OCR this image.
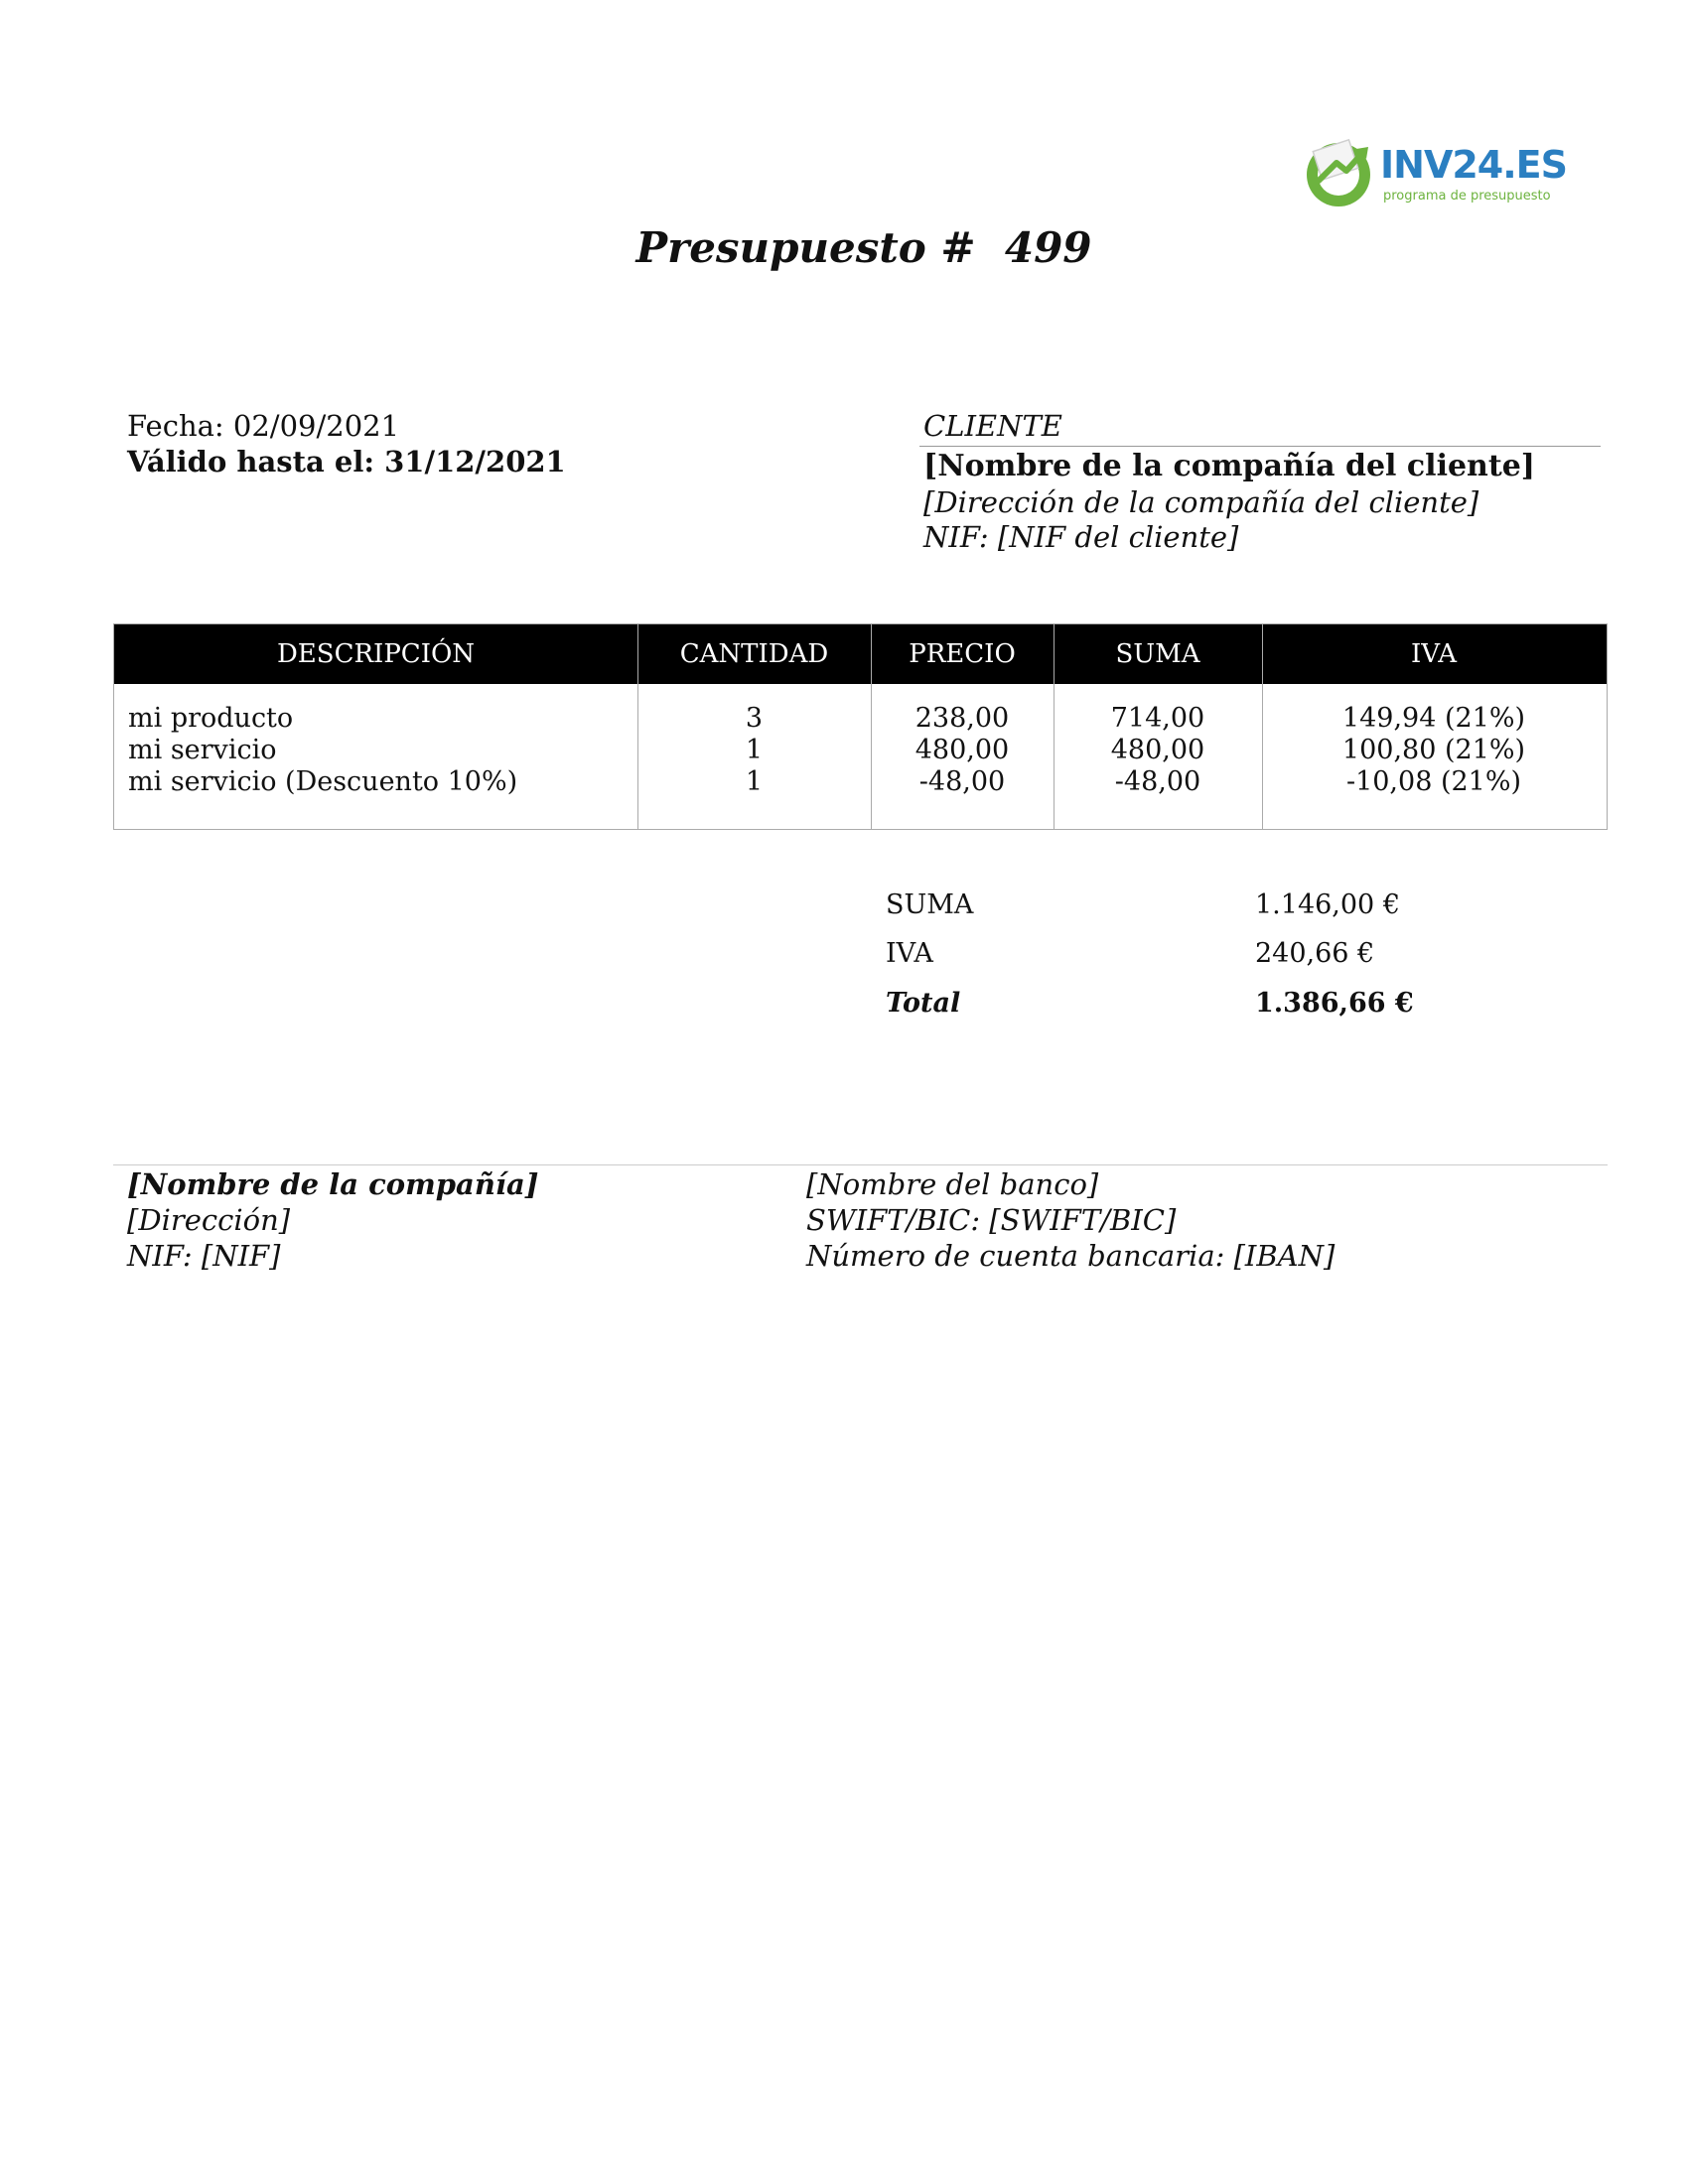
INV24.ES
programa de presupuesto
Presupuesto #  499
Fecha: 02/09/2021
Válido hasta el: 31/12/2021
CLIENTE
[Nombre de la compañía del cliente]
[Dirección de la compañía del cliente]
NIF: [NIF del cliente]
DESCRIPCIÓN	CANTIDAD	PRECIO	SUMA	IVA
mi producto	3	238,00	714,00	149,94 (21%)
mi servicio	1	480,00	480,00	100,80 (21%)
mi servicio (Descuento 10%)	1	-48,00	-48,00	-10,08 (21%)
SUMA	1.146,00 €
IVA	240,66 €
Total	1.386,66 €
[Nombre de la compañía]
[Dirección]
NIF: [NIF]
[Nombre del banco]
SWIFT/BIC: [SWIFT/BIC]
Número de cuenta bancaria: [IBAN]
